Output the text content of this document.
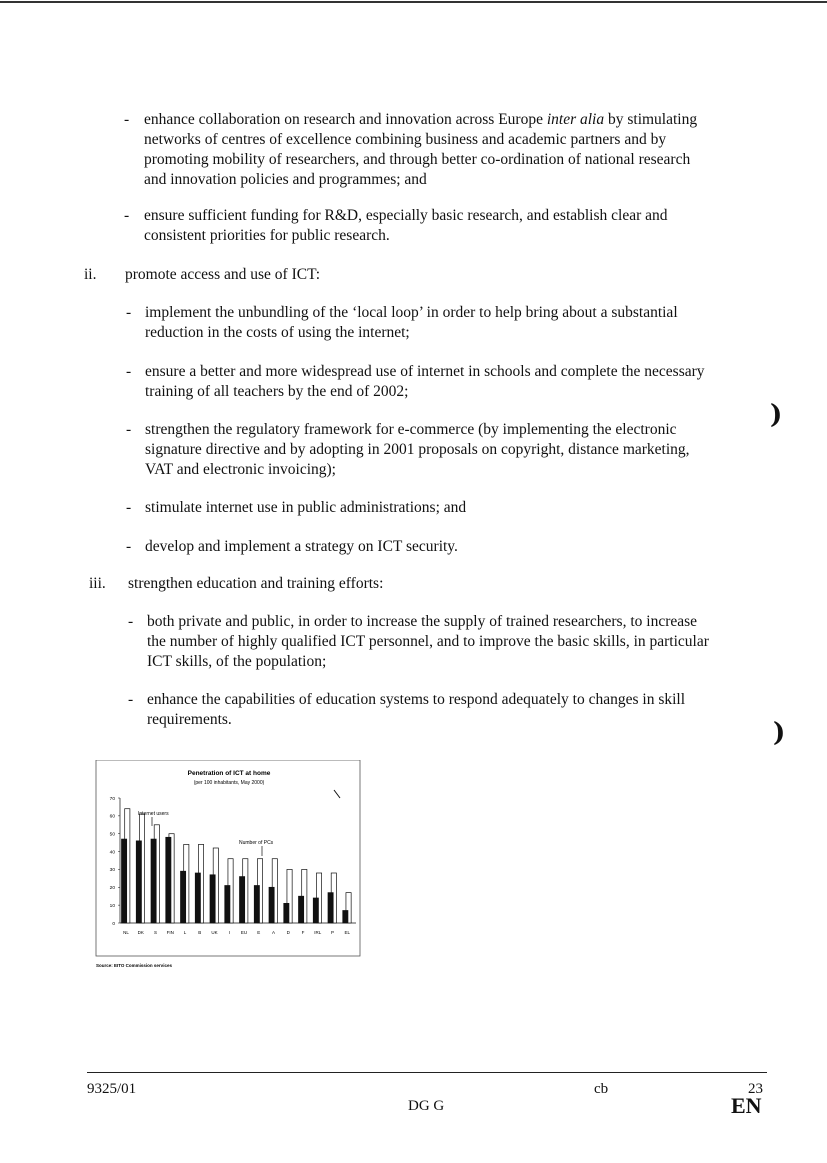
- enhance collaboration on research and innovation across Europe inter alia by stimulating
networks of centres of excellence combining business and academic partners and by
promoting mobility of researchers, and through better co-ordination of national research
and innovation policies and programmes; and
- ensure sufficient funding for R&D, especially basic research, and establish clear and
consistent priorities for public research.
ii. promote access and use of ICT:
- implement the unbundling of the ‘local loop’ in order to help bring about a substantial
reduction in the costs of using the internet;
- ensure a better and more widespread use of internet in schools and complete the necessary
training of all teachers by the end of 2002;
- strengthen the regulatory framework for e-commerce (by implementing the electronic
signature directive and by adopting in 2001 proposals on copyright, distance marketing,
VAT and electronic invoicing);
- stimulate internet use in public administrations; and
- develop and implement a strategy on ICT security.
iii. strengthen education and training efforts:
- both private and public, in order to increase the supply of trained researchers, to increase
the number of highly qualified ICT personnel, and to improve the basic skills, in particular
ICT skills, of the population;
- enhance the capabilities of education systems to respond adequately to changes in skill
requirements.
Penetration of ICT at home
(per 100 inhabitants, May 2000)
0
10
20
30
40
50
60
70
NL DK S FIN L	B UK I EU E	A	D	F IRL P EL
Internet users
Number of PCs
Source: EITO Commission services
)
)
9325/01	cb	23
DG G	EN
